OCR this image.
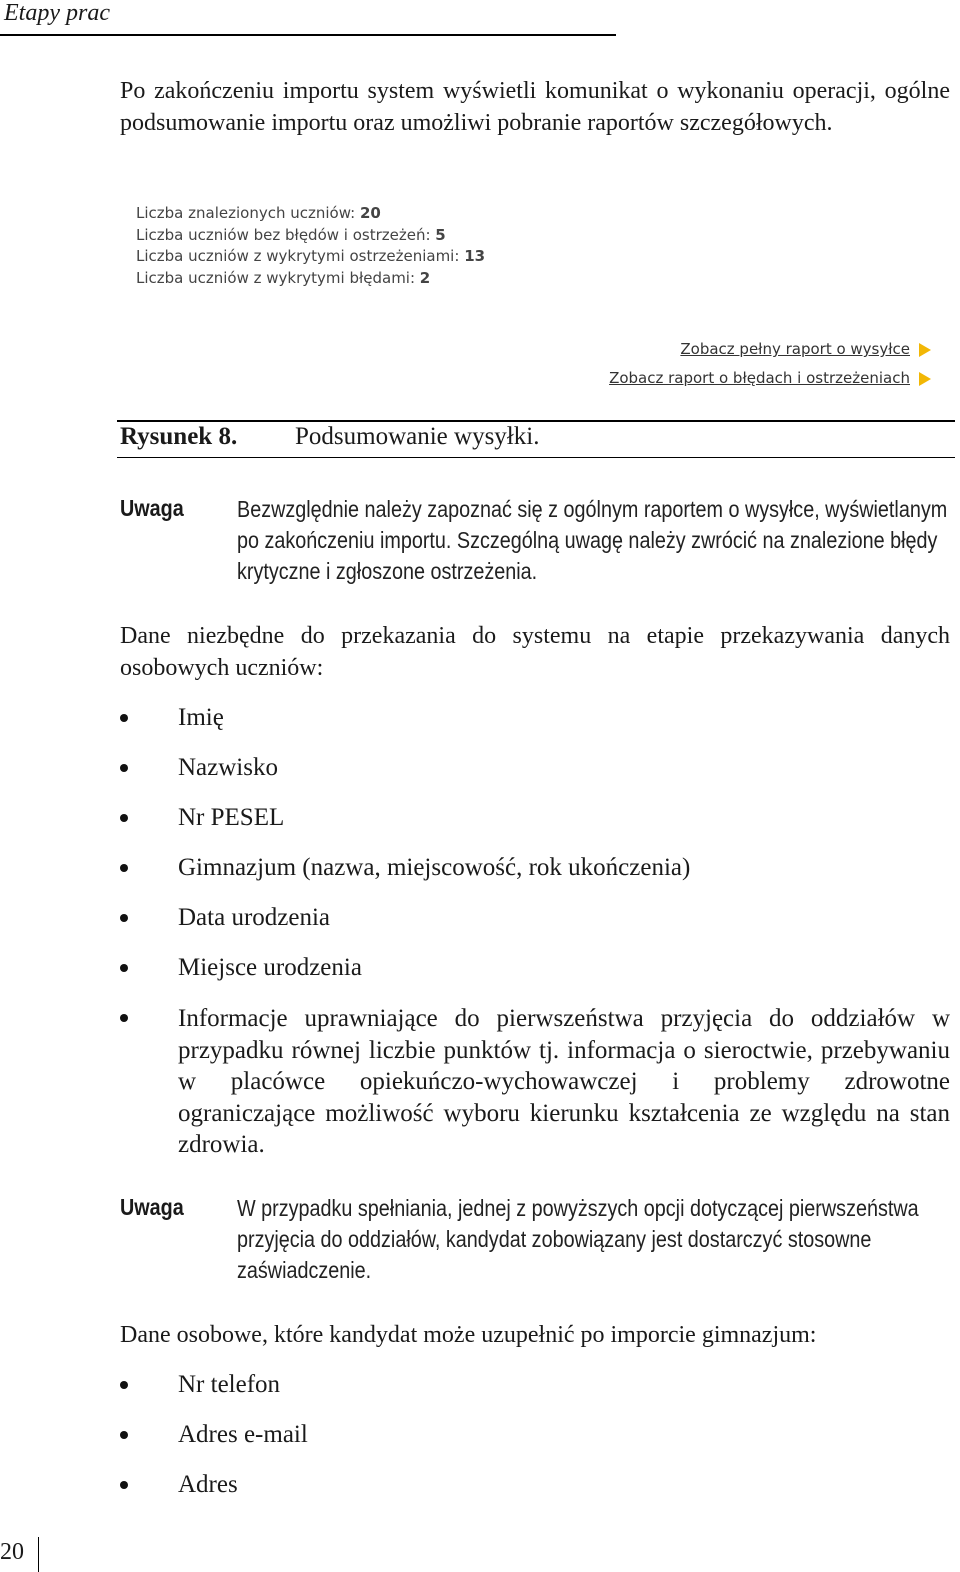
Etapy prac
Po zakończeniu importu system wyświetli komunikat o wykonaniu operacji, ogólne podsumowanie importu oraz umożliwi pobranie raportów szczegółowych.
Liczba znalezionych uczniów: 20
Liczba uczniów bez błędów i ostrzeżeń: 5
Liczba uczniów z wykrytymi ostrzeżeniami: 13
Liczba uczniów z wykrytymi błędami: 2
Zobacz pełny raport o wysyłce
Zobacz raport o błędach i ostrzeżeniach
Rysunek 8. Podsumowanie wysyłki.
Uwaga Bezwzględnie należy zapoznać się z ogólnym raportem o wysyłce, wyświetlanym po zakończeniu importu. Szczególną uwagę należy zwrócić na znalezione błędy krytyczne i zgłoszone ostrzeżenia.
Dane niezbędne do przekazania do systemu na etapie przekazywania danych osobowych uczniów:
Imię
Nazwisko
Nr PESEL
Gimnazjum (nazwa, miejscowość, rok ukończenia)
Data urodzenia
Miejsce urodzenia
Informacje uprawniające do pierwszeństwa przyjęcia do oddziałów w przypadku równej liczbie punktów tj. informacja o sieroctwie, przebywaniu w placówce opiekuńczo-wychowawczej i problemy zdrowotne ograniczające możliwość wyboru kierunku kształcenia ze względu na stan zdrowia.
Uwaga W przypadku spełniania, jednej z powyższych opcji dotyczącej pierwszeństwa przyjęcia do oddziałów, kandydat zobowiązany jest dostarczyć stosowne zaświadczenie.
Dane osobowe, które kandydat może uzupełnić po imporcie gimnazjum:
Nr telefon
Adres e-mail
Adres
20
